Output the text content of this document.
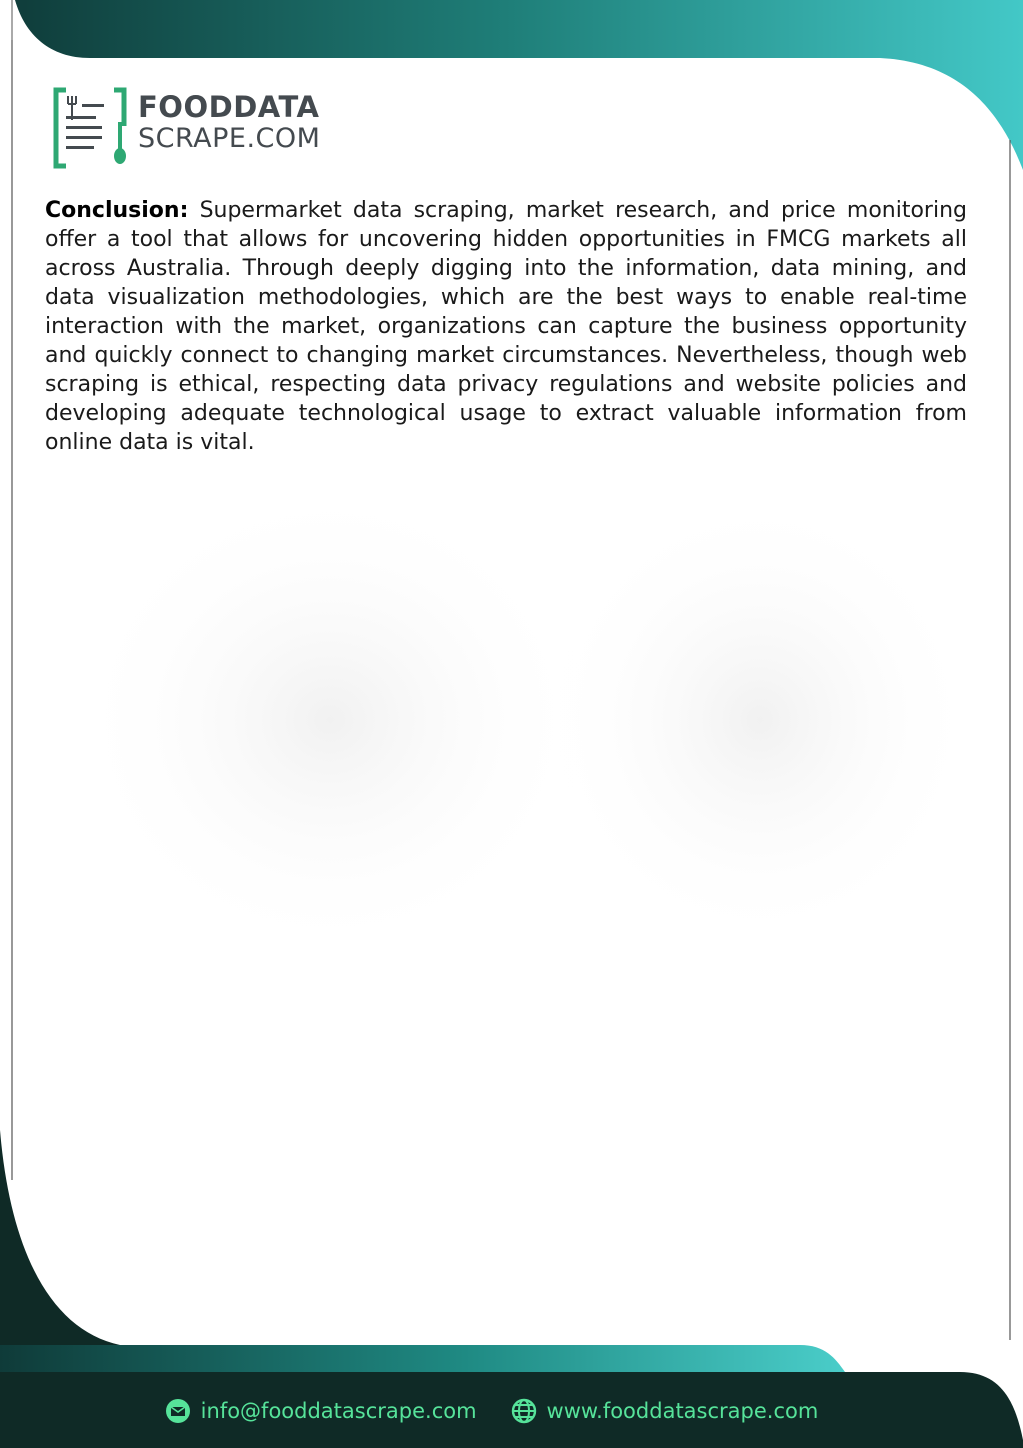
FOODDATA
SCRAPE.COM

Conclusion: Supermarket data scraping, market research, and price monitoring offer a tool that allows for uncovering hidden opportunities in FMCG markets all across Australia. Through deeply digging into the information, data mining, and data visualization methodologies, which are the best ways to enable real-time interaction with the market, organizations can capture the business opportunity and quickly connect to changing market circumstances. Nevertheless, though web scraping is ethical, respecting data privacy regulations and website policies and developing adequate technological usage to extract valuable information from online data is vital.

info@fooddatascrape.com	www.fooddatascrape.com
